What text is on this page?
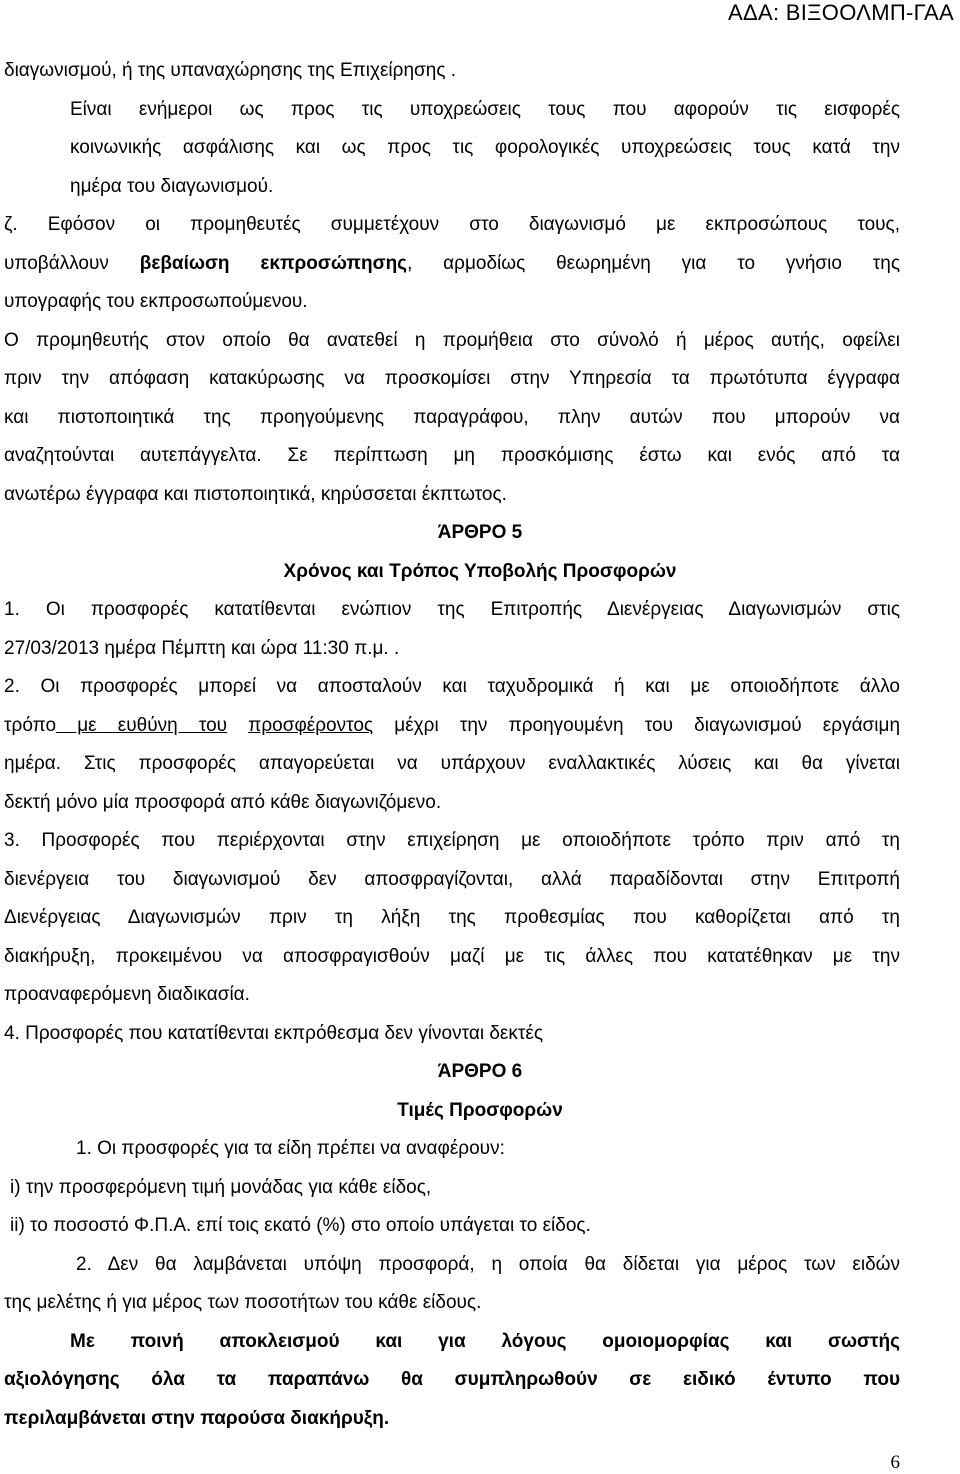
ΑΔΑ: ΒΙΞΟΟΛΜΠ-ΓΑΑ
διαγωνισμού, ή της υπαναχώρησης της Επιχείρησης .
Είναι ενήμεροι ως προς τις υποχρεώσεις τους που αφορούν τις εισφορές
κοινωνικής ασφάλισης και ως προς τις φορολογικές υποχρεώσεις τους κατά την
ημέρα του διαγωνισμού.
ζ. Εφόσον οι προμηθευτές συμμετέχουν στο διαγωνισμό με εκπροσώπους τους,
υποβάλλουν βεβαίωση εκπροσώπησης, αρμοδίως θεωρημένη για το γνήσιο της
υπογραφής του εκπροσωπούμενου.
Ο προμηθευτής στον οποίο θα ανατεθεί η προμήθεια στο σύνολό ή μέρος αυτής, οφείλει
πριν την απόφαση κατακύρωσης να προσκομίσει στην Υπηρεσία τα πρωτότυπα έγγραφα
και πιστοποιητικά της προηγούμενης παραγράφου, πλην αυτών που μπορούν να
αναζητούνται αυτεπάγγελτα. Σε περίπτωση μη προσκόμισης έστω και ενός από τα
ανωτέρω έγγραφα και πιστοποιητικά, κηρύσσεται έκπτωτος.
ΆΡΘΡΟ 5
Χρόνος και Τρόπος Υποβολής Προσφορών
1. Οι προσφορές κατατίθενται ενώπιον της Επιτροπής Διενέργειας Διαγωνισμών στις
27/03/2013 ημέρα Πέμπτη και ώρα 11:30 π.μ. .
2. Οι προσφορές μπορεί να αποσταλούν και ταχυδρομικά ή και με οποιοδήποτε άλλο
τρόπο με ευθύνη του προσφέροντος μέχρι την προηγουμένη του διαγωνισμού εργάσιμη
ημέρα. Στις προσφορές απαγορεύεται να υπάρχουν εναλλακτικές λύσεις και θα γίνεται
δεκτή μόνο μία προσφορά από κάθε διαγωνιζόμενο.
3. Προσφορές που περιέρχονται στην επιχείρηση με οποιοδήποτε τρόπο πριν από τη
διενέργεια του διαγωνισμού δεν αποσφραγίζονται, αλλά παραδίδονται στην Επιτροπή
Διενέργειας Διαγωνισμών πριν τη λήξη της προθεσμίας που καθορίζεται από τη
διακήρυξη, προκειμένου να αποσφραγισθούν μαζί με τις άλλες που κατατέθηκαν με την
προαναφερόμενη διαδικασία.
4. Προσφορές που κατατίθενται εκπρόθεσμα δεν γίνονται δεκτές
ΆΡΘΡΟ 6
Τιμές Προσφορών
1. Οι προσφορές για τα είδη πρέπει να αναφέρουν:
i) την προσφερόμενη τιμή μονάδας για κάθε είδος,
ii) το ποσοστό Φ.Π.Α. επί τοις εκατό (%) στο οποίο υπάγεται το είδος.
2. Δεν θα λαμβάνεται υπόψη προσφορά, η οποία θα δίδεται για μέρος των ειδών
της μελέτης ή για μέρος των ποσοτήτων του κάθε είδους.
Με ποινή αποκλεισμού και για λόγους ομοιομορφίας και σωστής
αξιολόγησης όλα τα παραπάνω θα συμπληρωθούν σε ειδικό έντυπο που
περιλαμβάνεται στην παρούσα διακήρυξη.
6
